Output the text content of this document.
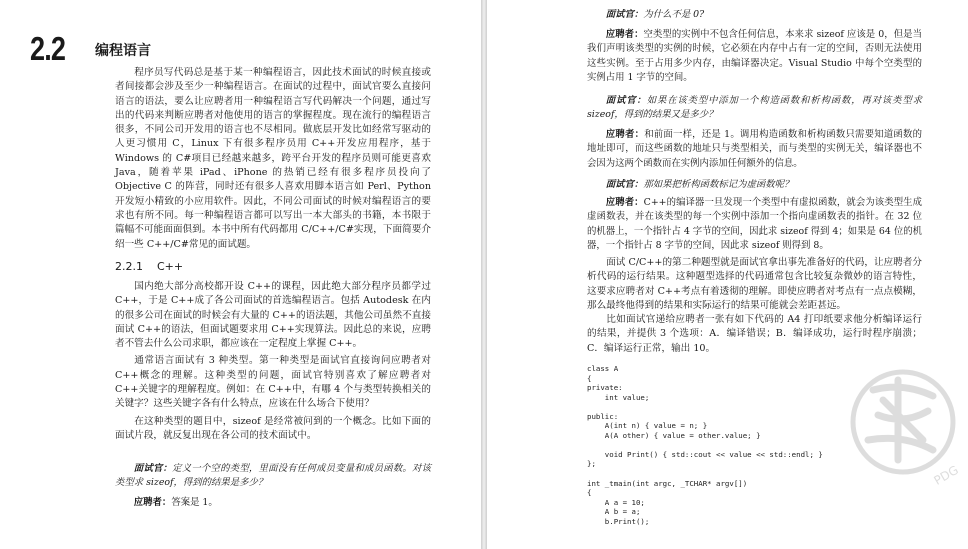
2.2 编程语言

程序员写代码总是基于某一种编程语言，因此技术面试的时候直接或者间接都会涉及至少一种编程语言。在面试的过程中，面试官要么直接问语言的语法，要么让应聘者用一种编程语言写代码解决一个问题，通过写出的代码来判断应聘者对他使用的语言的掌握程度。现在流行的编程语言很多，不同公司开发用的语言也不尽相同。做底层开发比如经常写驱动的人更习惯用 C，Linux 下有很多程序员用 C++开发应用程序，基于 Windows 的 C#项目已经越来越多，跨平台开发的程序员则可能更喜欢 Java，随着苹果 iPad、iPhone 的热销已经有很多程序员投向了 Objective C 的阵营，同时还有很多人喜欢用脚本语言如 Perl、Python 开发短小精致的小应用软件。因此，不同公司面试的时候对编程语言的要求也有所不同。每一种编程语言都可以写出一本大部头的书籍，本书限于篇幅不可能面面俱到。本书中所有代码都用 C/C++/C#实现，下面简要介绍一些 C++/C#常见的面试题。

2.2.1 C++

国内绝大部分高校都开设 C++的课程，因此绝大部分程序员都学过 C++，于是 C++成了各公司面试的首选编程语言。包括 Autodesk 在内的很多公司在面试的时候会有大量的 C++的语法题，其他公司虽然不直接面试 C++的语法，但面试题要求用 C++实现算法。因此总的来说，应聘者不管去什么公司求职，都应该在一定程度上掌握 C++。

通常语言面试有 3 种类型。第一种类型是面试官直接询问应聘者对 C++概念的理解。这种类型的问题，面试官特别喜欢了解应聘者对 C++关键字的理解程度。例如：在 C++中，有哪 4 个与类型转换相关的关键字？这些关键字各有什么特点，应该在什么场合下使用？

在这种类型的题目中，sizeof 是经常被问到的一个概念。比如下面的面试片段，就反复出现在各公司的技术面试中。

面试官：定义一个空的类型，里面没有任何成员变量和成员函数。对该类型求 sizeof，得到的结果是多少？
应聘者：答案是 1。
面试官：为什么不是 0?
应聘者：空类型的实例中不包含任何信息，本来求 sizeof 应该是 0，但是当我们声明该类型的实例的时候，它必须在内存中占有一定的空间，否则无法使用这些实例。至于占用多少内存，由编译器决定。Visual Studio 中每个空类型的实例占用 1 字节的空间。
面试官：如果在该类型中添加一个构造函数和析构函数，再对该类型求 sizeof，得到的结果又是多少？
应聘者：和前面一样，还是 1。调用构造函数和析构函数只需要知道函数的地址即可，而这些函数的地址只与类型相关，而与类型的实例无关，编译器也不会因为这两个函数而在实例内添加任何额外的信息。
面试官：那如果把析构函数标记为虚函数呢？
应聘者：C++的编译器一旦发现一个类型中有虚拟函数，就会为该类型生成虚函数表，并在该类型的每一个实例中添加一个指向虚函数表的指针。在 32 位的机器上，一个指针占 4 字节的空间，因此求 sizeof 得到 4；如果是 64 位的机器，一个指针占 8 字节的空间，因此求 sizeof 则得到 8。

面试 C/C++的第二种题型就是面试官拿出事先准备好的代码，让应聘者分析代码的运行结果。这种题型选择的代码通常包含比较复杂微妙的语言特性，这要求应聘者对 C++考点有着透彻的理解。即使应聘者对考点有一点点模糊，那么最终他得到的结果和实际运行的结果可能就会差距甚远。

比如面试官递给应聘者一张有如下代码的 A4 打印纸要求他分析编译运行的结果，并提供 3 个选项：A．编译错误；B．编译成功，运行时程序崩溃；C．编译运行正常，输出 10。

class A
{
private:
int value;

public:
A(int n) { value = n; }
A(A other) { value = other.value; }

void Print() { std::cout << value << std::endl; }
};

int _tmain(int argc, _TCHAR* argv[])
{
A a = 10;
A b = a;
b.Print();
PDG
